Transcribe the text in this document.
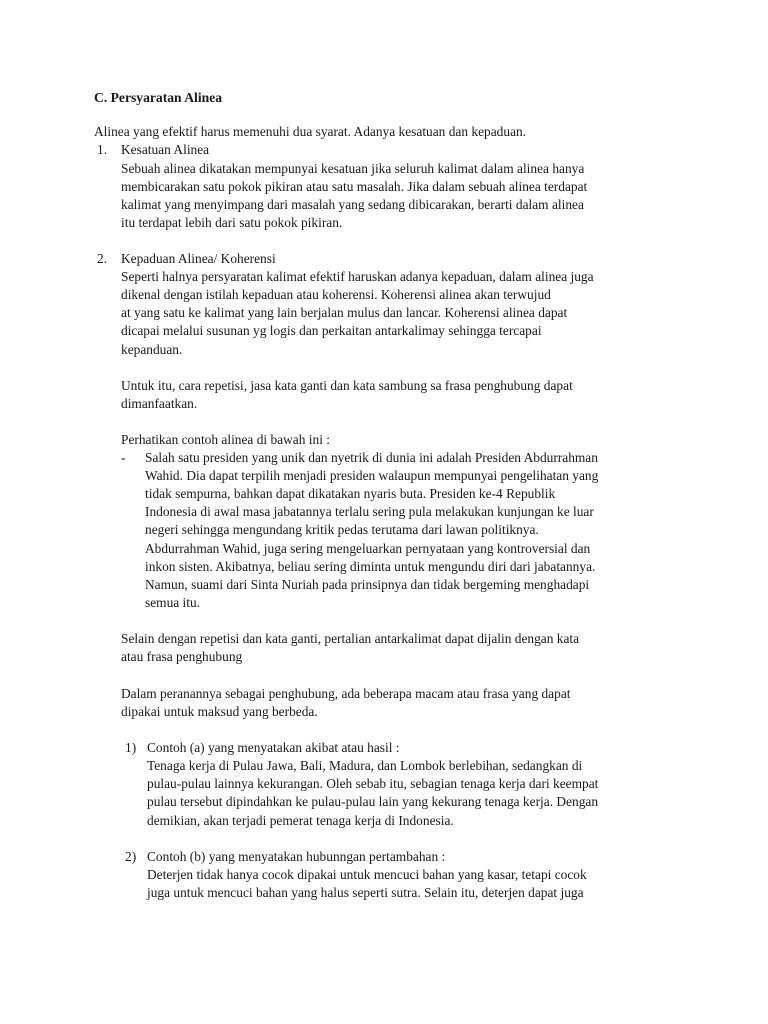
C. Persyaratan Alinea
Alinea yang efektif harus memenuhi dua syarat. Adanya kesatuan dan kepaduan.
1. Kesatuan Alinea
Sebuah alinea dikatakan mempunyai kesatuan jika seluruh kalimat dalam alinea hanya
membicarakan satu pokok pikiran atau satu masalah. Jika dalam sebuah alinea terdapat
kalimat yang menyimpang dari masalah yang sedang dibicarakan, berarti dalam alinea
itu terdapat lebih dari satu pokok pikiran.
2. Kepaduan Alinea/ Koherensi
Seperti halnya persyaratan kalimat efektif haruskan adanya kepaduan, dalam alinea juga
dikenal dengan istilah kepaduan atau koherensi. Koherensi alinea akan terwujud
at yang satu ke kalimat yang lain berjalan mulus dan lancar. Koherensi alinea dapat
dicapai melalui susunan yg logis dan perkaitan antarkalimay sehingga tercapai
kepanduan.
Untuk itu, cara repetisi, jasa kata ganti dan kata sambung sa frasa penghubung dapat
dimanfaatkan.
Perhatikan contoh alinea di bawah ini :
- Salah satu presiden yang unik dan nyetrik di dunia ini adalah Presiden Abdurrahman
Wahid. Dia dapat terpilih menjadi presiden walaupun mempunyai pengelihatan yang
tidak sempurna, bahkan dapat dikatakan nyaris buta. Presiden ke-4 Republik
Indonesia di awal masa jabatannya terlalu sering pula melakukan kunjungan ke luar
negeri sehingga mengundang kritik pedas terutama dari lawan politiknya.
Abdurrahman Wahid, juga sering mengeluarkan pernyataan yang kontroversial dan
inkon sisten. Akibatnya, beliau sering diminta untuk mengundu diri dari jabatannya.
Namun, suami dari Sinta Nuriah pada prinsipnya dan tidak bergeming menghadapi
semua itu.
Selain dengan repetisi dan kata ganti, pertalian antarkalimat dapat dijalin dengan kata
atau frasa penghubung
Dalam peranannya sebagai penghubung, ada beberapa macam atau frasa yang dapat
dipakai untuk maksud yang berbeda.
1) Contoh (a) yang menyatakan akibat atau hasil :
Tenaga kerja di Pulau Jawa, Bali, Madura, dan Lombok berlebihan, sedangkan di
pulau-pulau lainnya kekurangan. Oleh sebab itu, sebagian tenaga kerja dari keempat
pulau tersebut dipindahkan ke pulau-pulau lain yang kekurang tenaga kerja. Dengan
demikian, akan terjadi pemerat tenaga kerja di Indonesia.
2) Contoh (b) yang menyatakan hubunngan pertambahan :
Deterjen tidak hanya cocok dipakai untuk mencuci bahan yang kasar, tetapi cocok
juga untuk mencuci bahan yang halus seperti sutra. Selain itu, deterjen dapat juga
